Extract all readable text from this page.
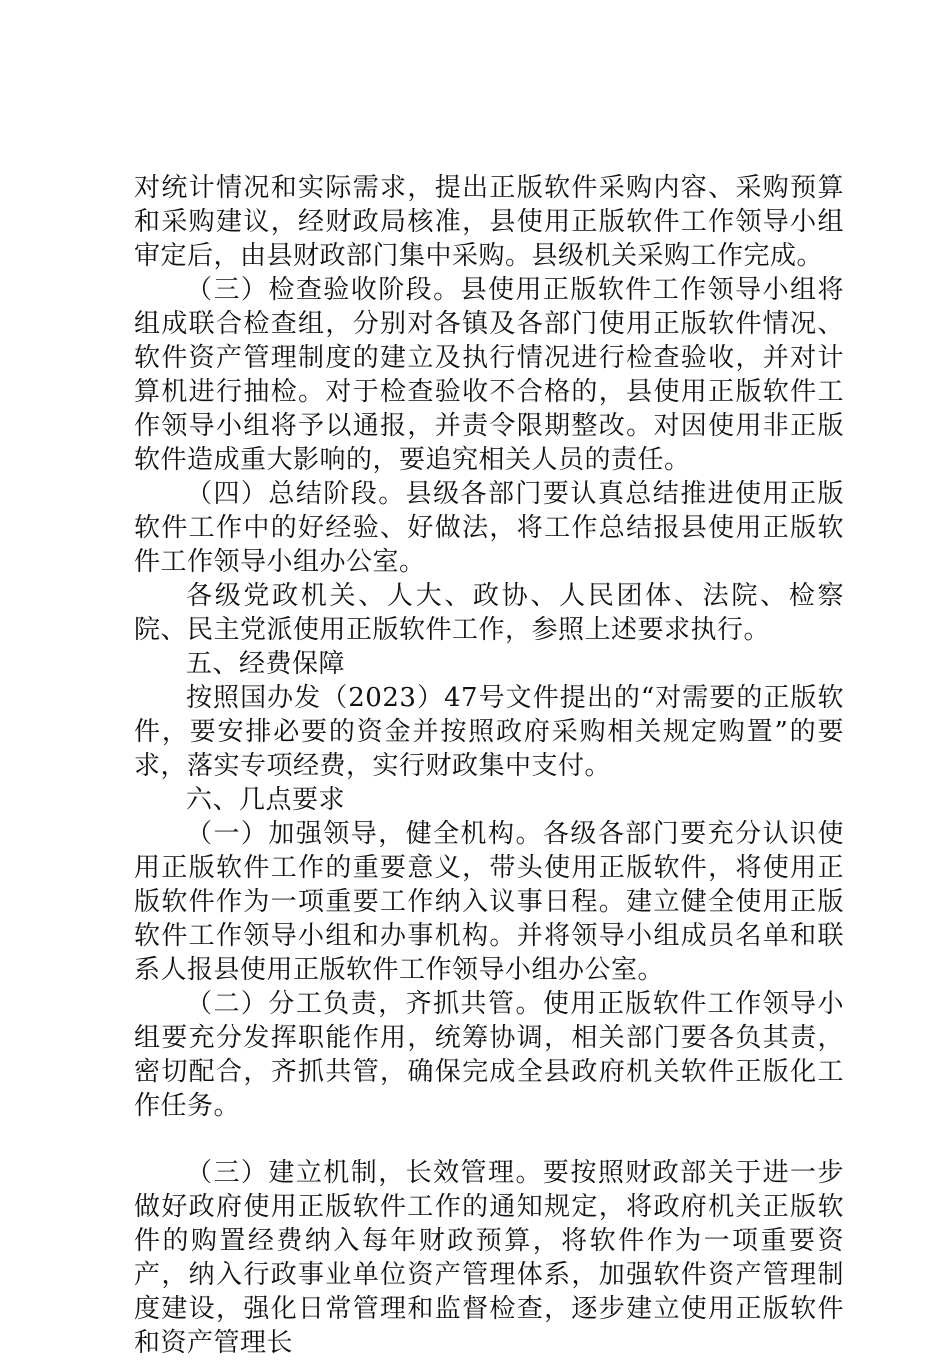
对统计情况和实际需求，提出正版软件采购内容、采购预算和采购建议，经财政局核准，县使用正版软件工作领导小组审定后，由县财政部门集中采购。县级机关采购工作完成。

（三）检查验收阶段。县使用正版软件工作领导小组将组成联合检查组，分别对各镇及各部门使用正版软件情况、软件资产管理制度的建立及执行情况进行检查验收，并对计算机进行抽检。对于检查验收不合格的，县使用正版软件工作领导小组将予以通报，并责令限期整改。对因使用非正版软件造成重大影响的，要追究相关人员的责任。

（四）总结阶段。县级各部门要认真总结推进使用正版软件工作中的好经验、好做法，将工作总结报县使用正版软件工作领导小组办公室。

各级党政机关、人大、政协、人民团体、法院、检察院、民主党派使用正版软件工作，参照上述要求执行。

五、经费保障

按照国办发（2023）47号文件提出的“对需要的正版软件，要安排必要的资金并按照政府采购相关规定购置”的要求，落实专项经费，实行财政集中支付。

六、几点要求

（一）加强领导，健全机构。各级各部门要充分认识使用正版软件工作的重要意义，带头使用正版软件，将使用正版软件作为一项重要工作纳入议事日程。建立健全使用正版软件工作领导小组和办事机构。并将领导小组成员名单和联系人报县使用正版软件工作领导小组办公室。

（二）分工负责，齐抓共管。使用正版软件工作领导小组要充分发挥职能作用，统筹协调，相关部门要各负其责，密切配合，齐抓共管，确保完成全县政府机关软件正版化工作任务。

（三）建立机制，长效管理。要按照财政部关于进一步做好政府使用正版软件工作的通知规定，将政府机关正版软件的购置经费纳入每年财政预算，将软件作为一项重要资产，纳入行政事业单位资产管理体系，加强软件资产管理制度建设，强化日常管理和监督检查，逐步建立使用正版软件和资产管理长
